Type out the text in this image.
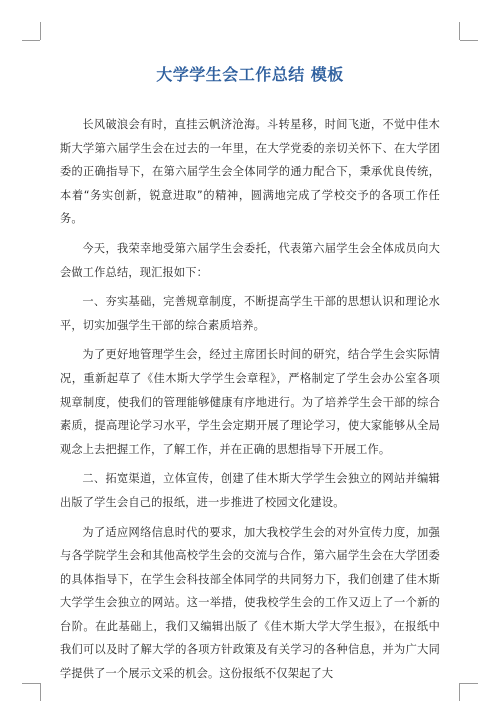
大学学生会工作总结 模板

长风破浪会有时，直挂云帆济沧海。斗转星移，时间飞逝，不觉中佳木斯大学第六届学生会在过去的一年里，在大学党委的亲切关怀下、在大学团委的正确指导下，在第六届学生会全体同学的通力配合下，秉承优良传统，本着“务实创新，锐意进取”的精神，圆满地完成了学校交予的各项工作任务。

今天，我荣幸地受第六届学生会委托，代表第六届学生会全体成员向大会做工作总结，现汇报如下：

一、夯实基础，完善规章制度，不断提高学生干部的思想认识和理论水平，切实加强学生干部的综合素质培养。

为了更好地管理学生会，经过主席团长时间的研究，结合学生会实际情况，重新起草了《佳木斯大学学生会章程》，严格制定了学生会办公室各项规章制度，使我们的管理能够健康有序地进行。为了培养学生会干部的综合素质，提高理论学习水平，学生会定期开展了理论学习，使大家能够从全局观念上去把握工作，了解工作，并在正确的思想指导下开展工作。

二、拓宽渠道，立体宣传，创建了佳木斯大学学生会独立的网站并编辑出版了学生会自己的报纸，进一步推进了校园文化建设。

为了适应网络信息时代的要求，加大我校学生会的对外宣传力度，加强与各学院学生会和其他高校学生会的交流与合作，第六届学生会在大学团委的具体指导下，在学生会科技部全体同学的共同努力下，我们创建了佳木斯大学学生会独立的网站。这一举措，使我校学生会的工作又迈上了一个新的台阶。在此基础上，我们又编辑出版了《佳木斯大学大学生报》，在报纸中我们可以及时了解大学的各项方针政策及有关学习的各种信息，并为广大同学提供了一个展示文采的机会。这份报纸不仅架起了大
